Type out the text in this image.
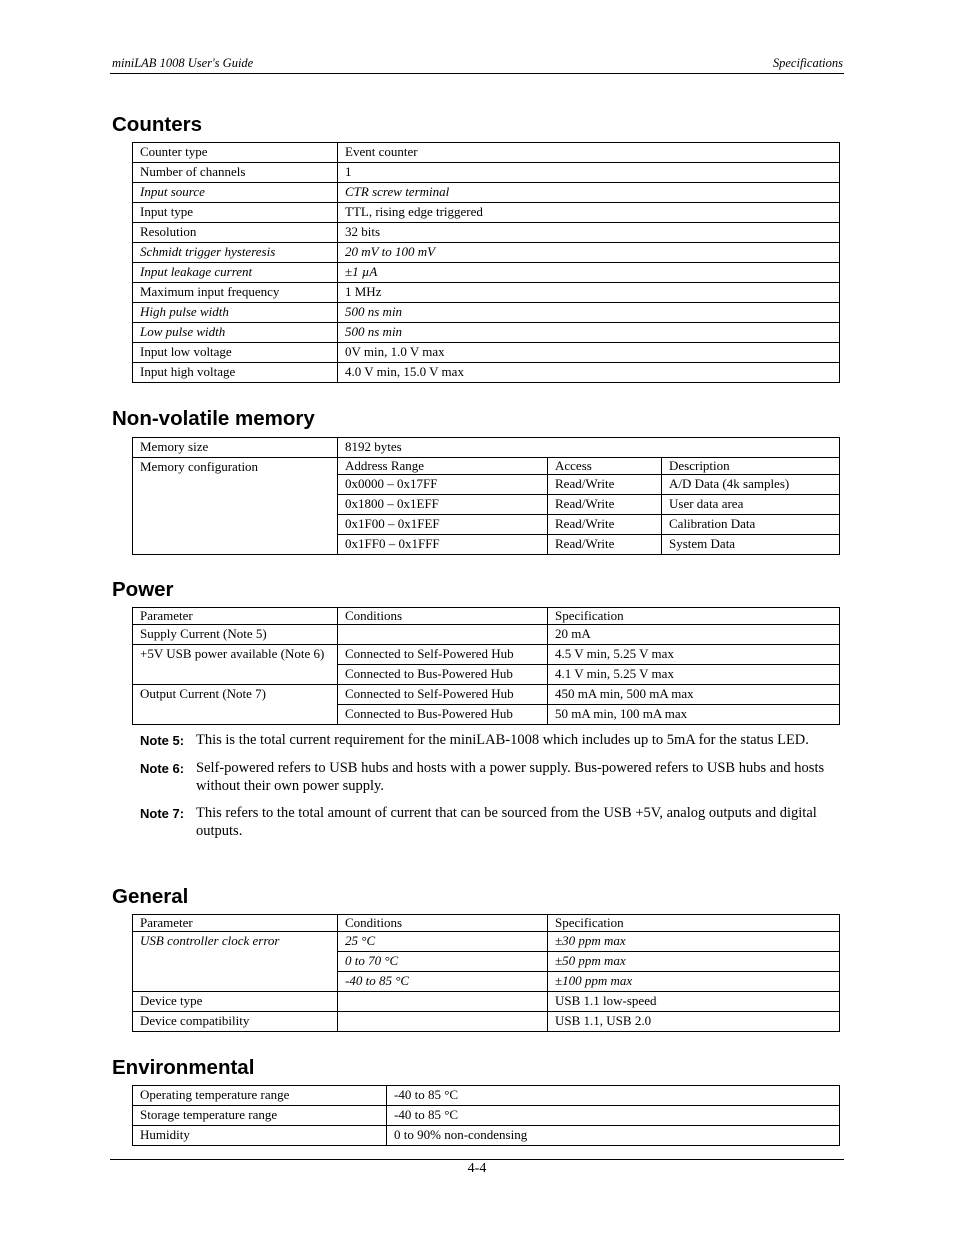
miniLAB 1008 User's Guide	Specifications
Counters
Counter type	Event counter
Number of channels	1
Input source	CTR screw terminal
Input type	TTL, rising edge triggered
Resolution	32 bits
Schmidt trigger hysteresis	20 mV to 100 mV
Input leakage current	±1 µA
Maximum input frequency	1 MHz
High pulse width	500 ns min
Low pulse width	500 ns min
Input low voltage	0V min, 1.0 V max
Input high voltage	4.0 V min, 15.0 V max
Non-volatile memory
Memory size	8192 bytes		
Memory configuration	Address Range	Access	Description
	0x0000 – 0x17FF	Read/Write	A/D Data (4k samples)
	0x1800 – 0x1EFF	Read/Write	User data area
	0x1F00 – 0x1FEF	Read/Write	Calibration Data
	0x1FF0 – 0x1FFF	Read/Write	System Data
Power
Parameter	Conditions	Specification
Supply Current (Note 5)		20 mA
+5V USB power available (Note 6)	Connected to Self-Powered Hub	4.5 V min, 5.25 V max
	Connected to Bus-Powered Hub	4.1 V min, 5.25 V max
Output Current (Note 7)	Connected to Self-Powered Hub	450 mA min, 500 mA max
	Connected to Bus-Powered Hub	50 mA min, 100 mA max
Note 5: This is the total current requirement for the miniLAB-1008 which includes up to 5mA for the status LED.
Note 6: Self-powered refers to USB hubs and hosts with a power supply. Bus-powered refers to USB hubs and hosts without their own power supply.
Note 7: This refers to the total amount of current that can be sourced from the USB +5V, analog outputs and digital outputs.
General
Parameter	Conditions	Specification
USB controller clock error	25 °C	±30 ppm max
	0 to 70 °C	±50 ppm max
	-40 to 85 °C	±100 ppm max
Device type		USB 1.1 low-speed
Device compatibility		USB 1.1, USB 2.0
Environmental
Operating temperature range	-40 to 85 °C
Storage temperature range	-40 to 85 °C
Humidity	0 to 90% non-condensing
4-4
